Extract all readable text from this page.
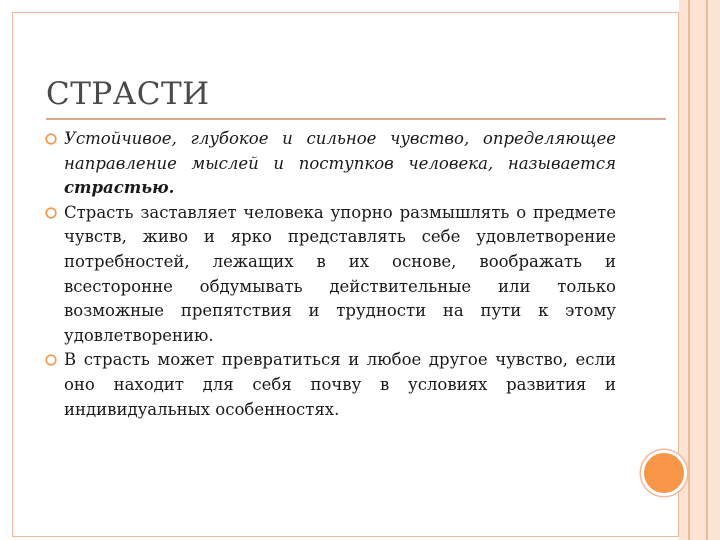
СТРАСТИ
Устойчивое, глубокое и сильное чувство, определяющее направление мыслей и поступков человека, называется страстью.
Страсть заставляет человека упорно размышлять о предмете чувств, живо и ярко представлять себе удовлетворение потребностей, лежащих в их основе, воображать и всесторонне обдумывать действительные или только возможные препятствия и трудности на пути к этому удовлетворению.
В страсть может превратиться и любое другое чувство, если оно находит для себя почву в условиях развития и индивидуальных особенностях.
